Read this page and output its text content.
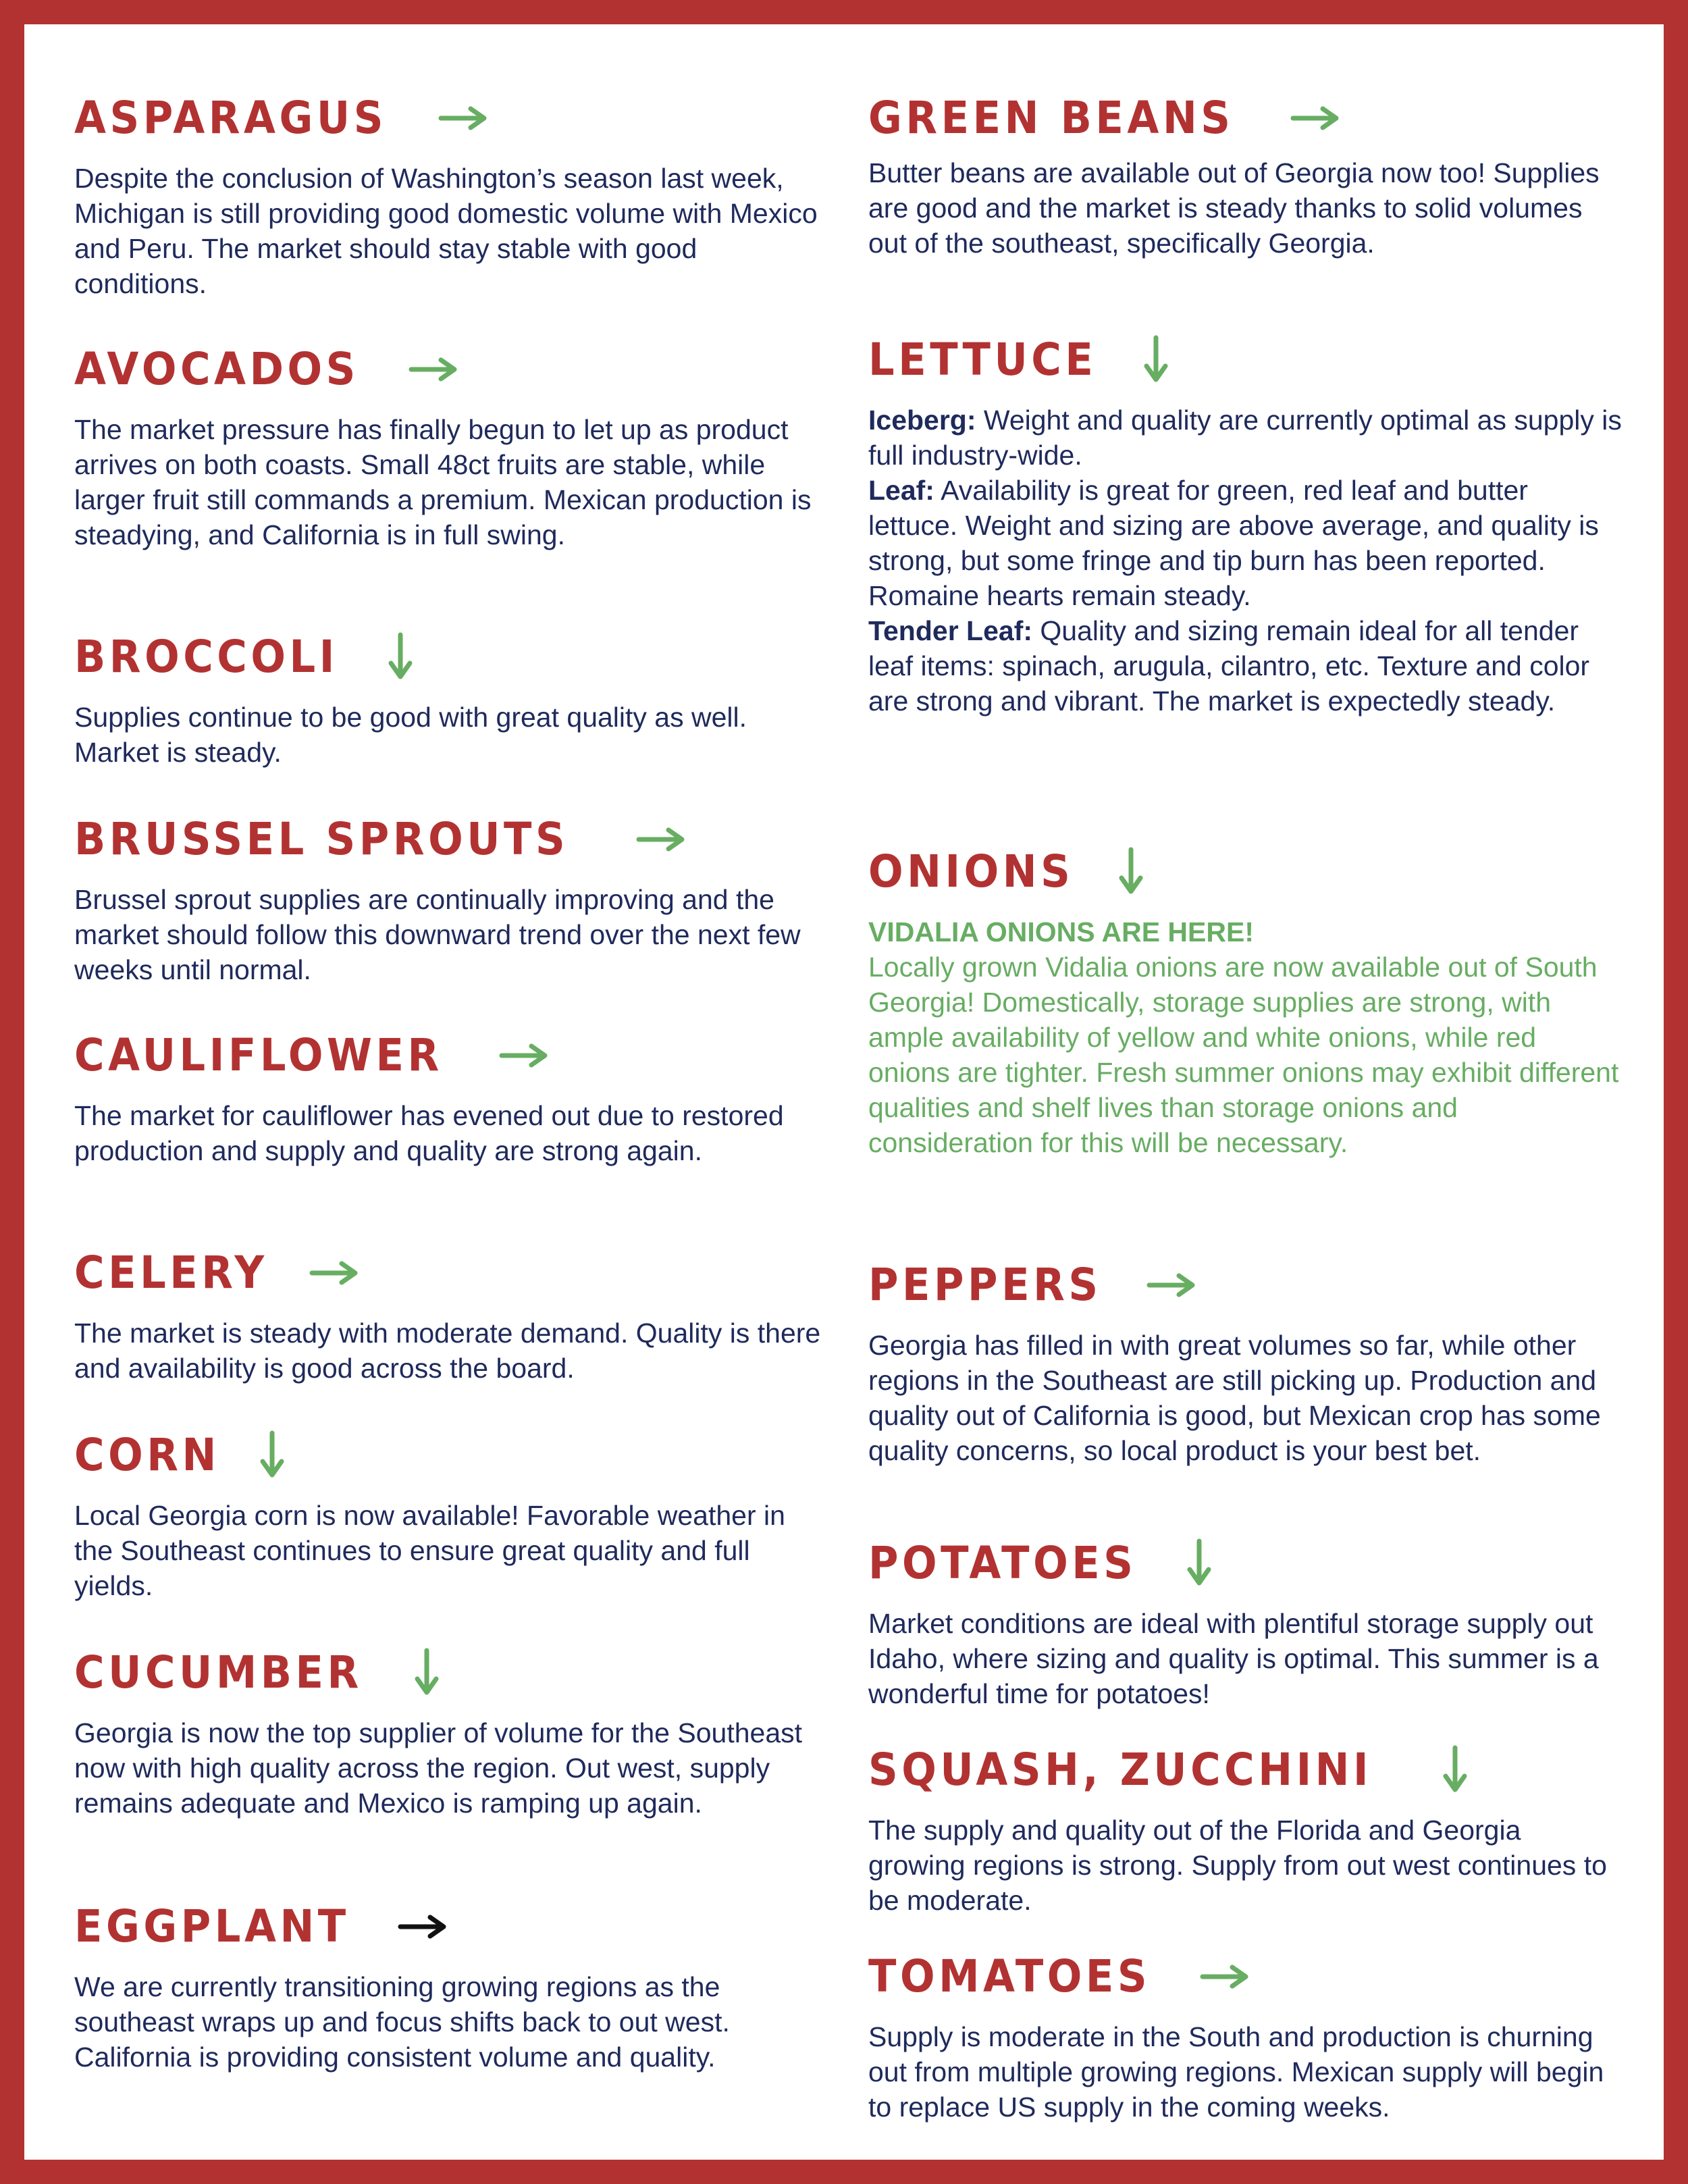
ASPARAGUS
Despite the conclusion of Washington’s season last week, Michigan is still providing good domestic volume with Mexico and Peru. The market should stay stable with good conditions.
AVOCADOS
The market pressure has finally begun to let up as product arrives on both coasts. Small 48ct fruits are stable, while larger fruit still commands a premium. Mexican production is steadying, and California is in full swing.
BROCCOLI
Supplies continue to be good with great quality as well. Market is steady.
BRUSSEL SPROUTS
Brussel sprout supplies are continually improving and the market should follow this downward trend over the next few weeks until normal.
CAULIFLOWER
The market for cauliflower has evened out due to restored production and supply and quality are strong again.
CELERY
The market is steady with moderate demand. Quality is there and availability is good across the board.
CORN
Local Georgia corn is now available! Favorable weather in the Southeast continues to ensure great quality and full yields.
CUCUMBER
Georgia is now the top supplier of volume for the Southeast now with high quality across the region. Out west, supply remains adequate and Mexico is ramping up again.
EGGPLANT
We are currently transitioning growing regions as the southeast wraps up and focus shifts back to out west. California is providing consistent volume and quality.
GREEN BEANS
Butter beans are available out of Georgia now too! Supplies are good and the market is steady thanks to solid volumes out of the southeast, specifically Georgia.
LETTUCE

Iceberg: Weight and quality are currently optimal as supply is full industry-wide.

Leaf: Availability is great for green, red leaf and butter lettuce. Weight and sizing are above average, and quality is strong, but some fringe and tip burn has been reported. Romaine hearts remain steady.

Tender Leaf: Quality and sizing remain ideal for all tender leaf items: spinach, arugula, cilantro, etc. Texture and color are strong and vibrant. The market is expectedly steady.

ONIONS

VIDALIA ONIONS ARE HERE!

Locally grown Vidalia onions are now available out of South Georgia! Domestically, storage supplies are strong, with ample availability of yellow and white onions, while red onions are tighter. Fresh summer onions may exhibit different qualities and shelf lives than storage onions and consideration for this will be necessary.

PEPPERS
Georgia has filled in with great volumes so far, while other regions in the Southeast are still picking up. Production and quality out of California is good, but Mexican crop has some quality concerns, so local product is your best bet.
POTATOES
Market conditions are ideal with plentiful storage supply out Idaho, where sizing and quality is optimal. This summer is a wonderful time for potatoes!
SQUASH, ZUCCHINI
The supply and quality out of the Florida and Georgia growing regions is strong. Supply from out west continues to be moderate.
TOMATOES
Supply is moderate in the South and production is churning out from multiple growing regions. Mexican supply will begin to replace US supply in the coming weeks.
